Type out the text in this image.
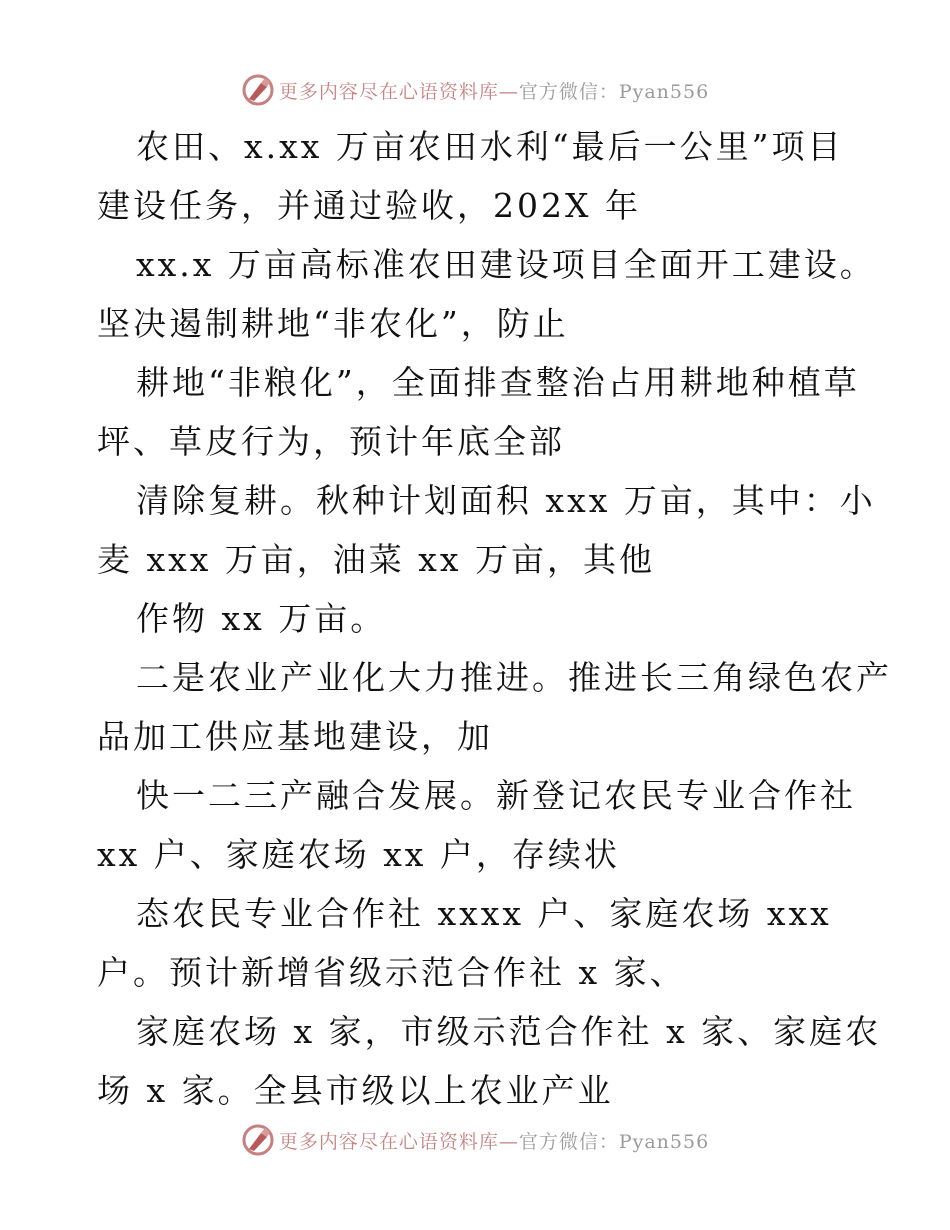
更多内容尽在心语资料库—官方微信：Pyan556
农田、x.xx 万亩农田水利“最后一公里”项目
建设任务，并通过验收，202X 年
xx.x 万亩高标准农田建设项目全面开工建设。
坚决遏制耕地“非农化”，防止
耕地“非粮化”，全面排查整治占用耕地种植草
坪、草皮行为，预计年底全部
清除复耕。秋种计划面积 xxx 万亩，其中：小
麦 xxx 万亩，油菜 xx 万亩，其他
作物 xx 万亩。
二是农业产业化大力推进。推进长三角绿色农产
品加工供应基地建设，加
快一二三产融合发展。新登记农民专业合作社
xx 户、家庭农场 xx 户，存续状
态农民专业合作社 xxxx 户、家庭农场 xxx
户。预计新增省级示范合作社 x 家、
家庭农场 x 家，市级示范合作社 x 家、家庭农
场 x 家。全县市级以上农业产业
更多内容尽在心语资料库—官方微信：Pyan556
